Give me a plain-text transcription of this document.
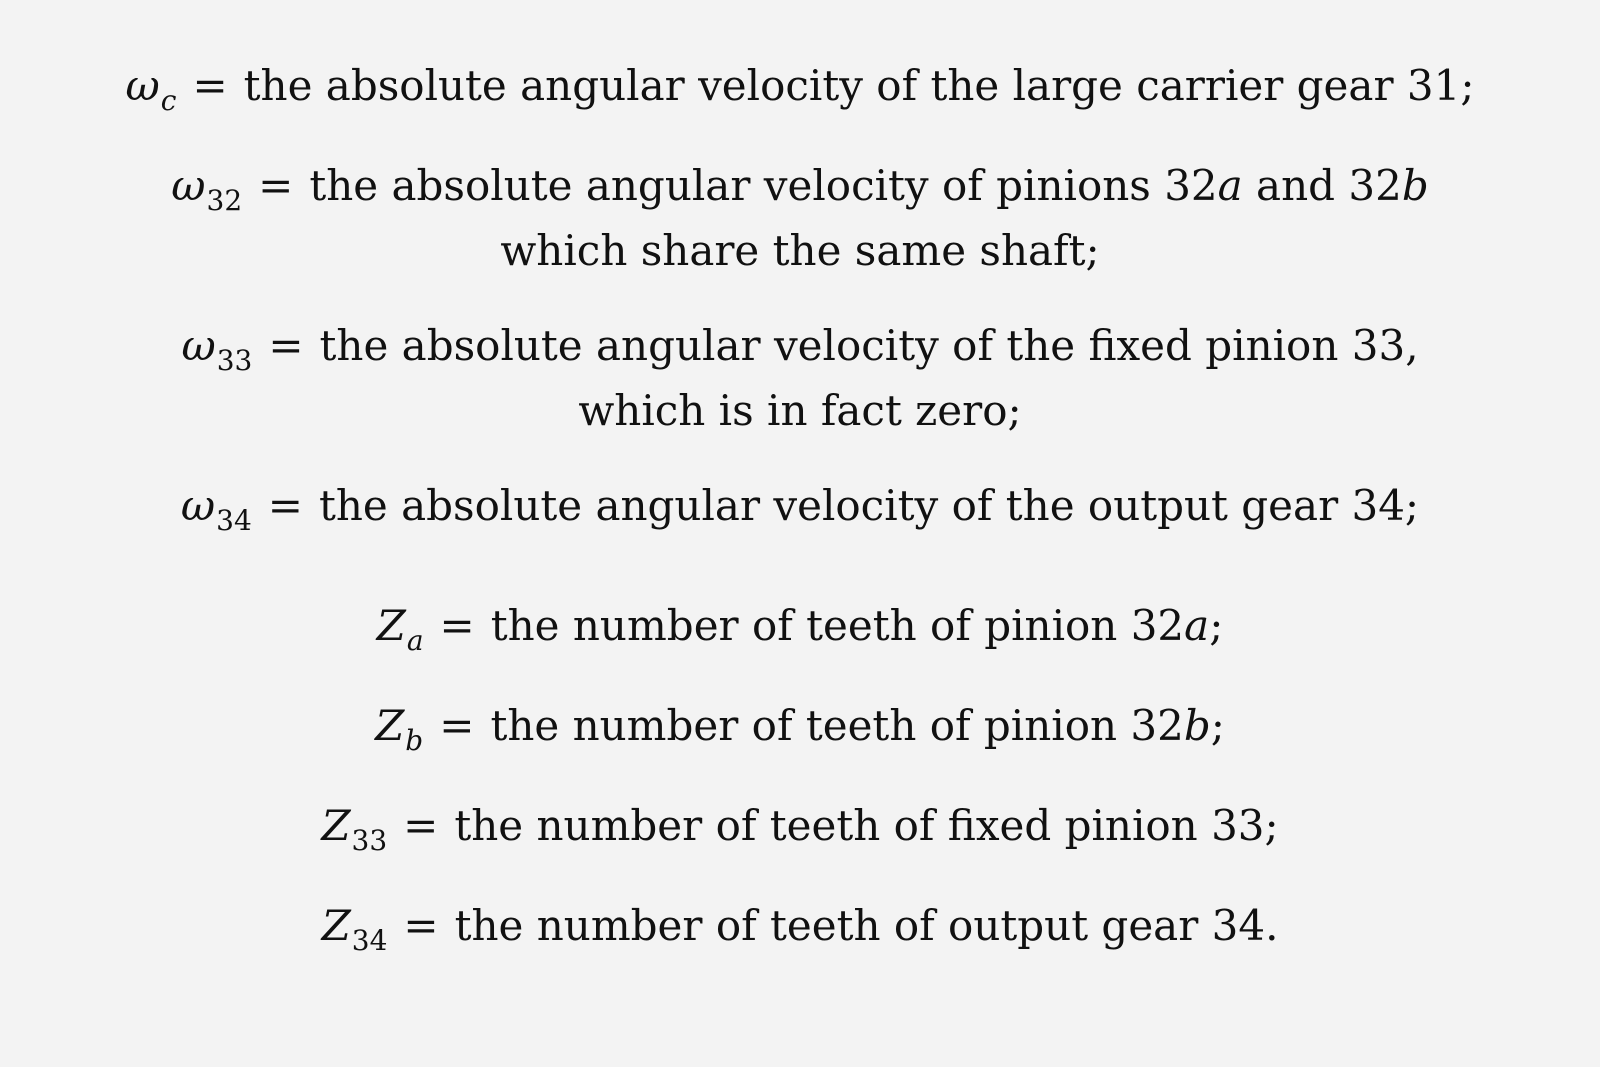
$\omega_c$ = the absolute angular velocity of the large carrier gear 31;
$\omega_{32}$ = the absolute angular velocity of pinions 32a and 32b which share the same shaft;
$\omega_{33}$ = the absolute angular velocity of the fixed pinion 33, which is in fact zero;
$\omega_{34}$ = the absolute angular velocity of the output gear 34;
$Z_a$ = the number of teeth of pinion 32a;
$Z_b$ = the number of teeth of pinion 32b;
$Z_{33}$ = the number of teeth of fixed pinion 33;
$Z_{34}$ = the number of teeth of output gear 34.
